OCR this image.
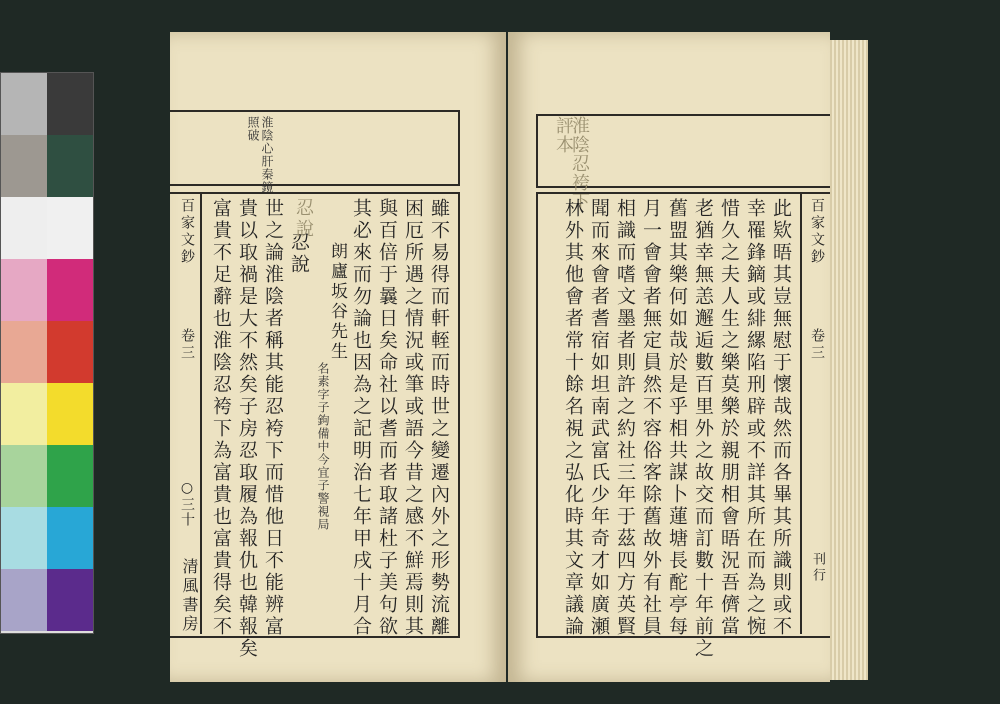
淮陰心肝秦鏡
照破
雖不易得而軒輊而時世之變遷內外之形勢流離
困厄所遇之情況或筆或語今昔之感不鮮焉則其
與百倍于曩日矣命社以耆而者取諸杜子美句欲
其必來而勿論也因為之記明治七年甲戌十月合
朗廬坂谷先生
名素字子鉤備中今宜子警視局
忍說
世之論淮陰者稱其能忍袴下而惜他日不能辨富
貴以取禍是大不然矣子房忍取履為報仇也韓報矣
富貴不足辭也淮陰忍袴下為富貴也富貴得矣不	忍說
百家文鈔
卷三
○三十
清風書房
評本
淮陰忍袴下
此欵晤其豈無慰于懷哉然而各畢其所識則或不
幸罹鋒鏑或緋縲陷刑辟或不詳其所在而為之惋
惜久之夫人生之樂莫樂於親朋相會晤況吾儕當
老猶幸無恙邂逅數百里外之故交而訂數十年前之
舊盟其樂何如哉於是乎相共謀卜蓮塘長酡亭每
月一會會者無定員然不容俗客除舊故外有社員
相識而嗜文墨者則許之約社三年于茲四方英賢
聞而來會者耆宿如坦南武富氏少年奇才如廣瀬
林外其他會者常十餘名視之弘化時其文章議論	百家文鈔
卷三
刊行
